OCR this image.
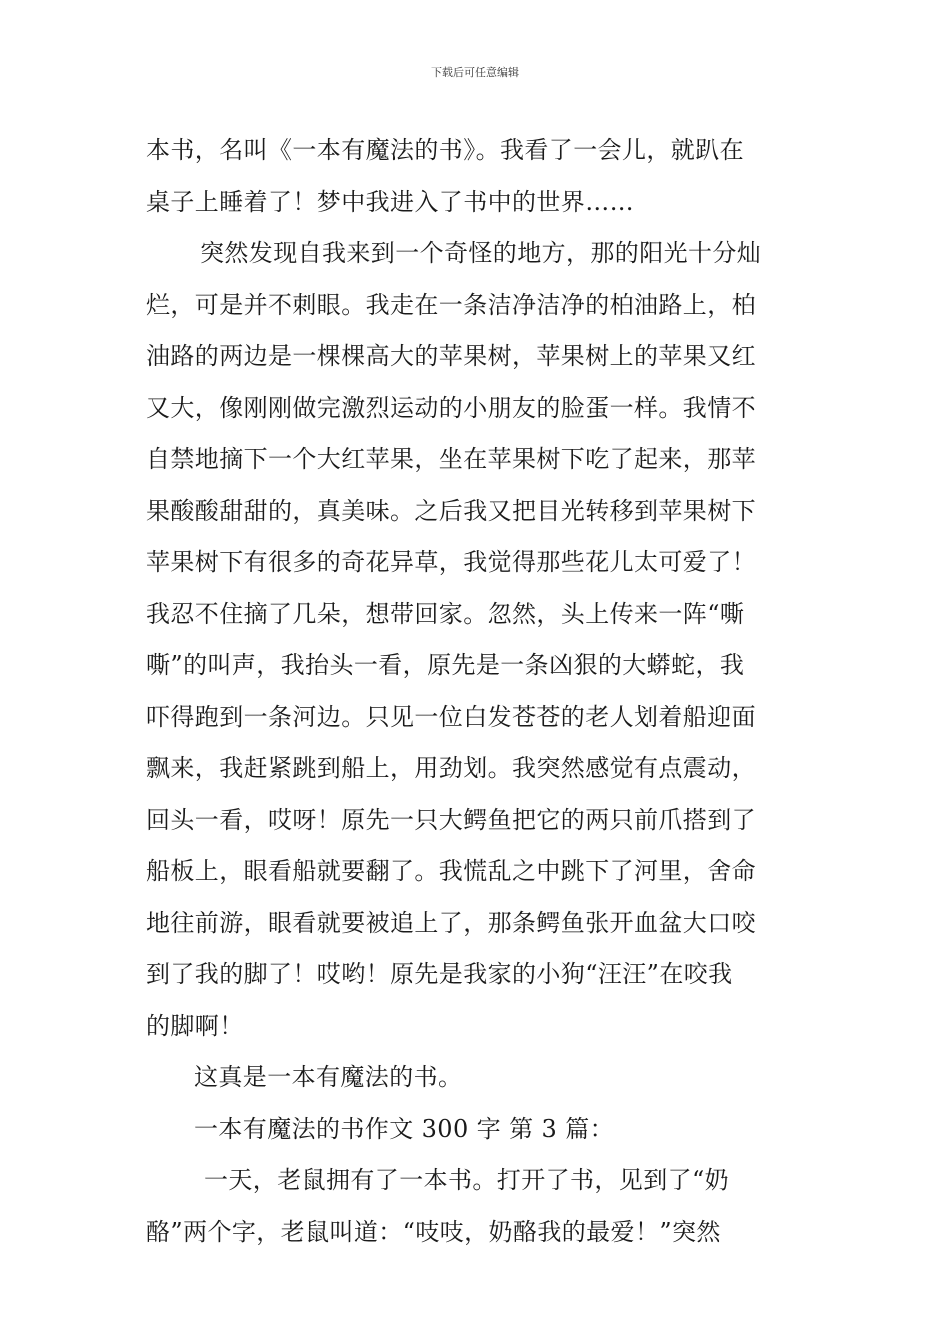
下载后可任意编辑
本书，名叫《一本有魔法的书》。我看了一会儿，就趴在
桌子上睡着了！梦中我进入了书中的世界……
突然发现自我来到一个奇怪的地方，那的阳光十分灿
烂，可是并不刺眼。我走在一条洁净洁净的柏油路上，柏
油路的两边是一棵棵高大的苹果树，苹果树上的苹果又红
又大，像刚刚做完激烈运动的小朋友的脸蛋一样。我情不
自禁地摘下一个大红苹果，坐在苹果树下吃了起来，那苹
果酸酸甜甜的，真美味。之后我又把目光转移到苹果树下
苹果树下有很多的奇花异草，我觉得那些花儿太可爱了！
我忍不住摘了几朵，想带回家。忽然，头上传来一阵“嘶
嘶”的叫声，我抬头一看，原先是一条凶狠的大蟒蛇，我
吓得跑到一条河边。只见一位白发苍苍的老人划着船迎面
飘来，我赶紧跳到船上，用劲划。我突然感觉有点震动，
回头一看，哎呀！原先一只大鳄鱼把它的两只前爪搭到了
船板上，眼看船就要翻了。我慌乱之中跳下了河里，舍命
地往前游，眼看就要被追上了，那条鳄鱼张开血盆大口咬
到了我的脚了！哎哟！原先是我家的小狗“汪汪”在咬我
的脚啊！
这真是一本有魔法的书。
一本有魔法的书作文 300 字 第 3 篇：
一天，老鼠拥有了一本书。打开了书，见到了“奶
酪”两个字，老鼠叫道：“吱吱，奶酪我的最爱！”突然
